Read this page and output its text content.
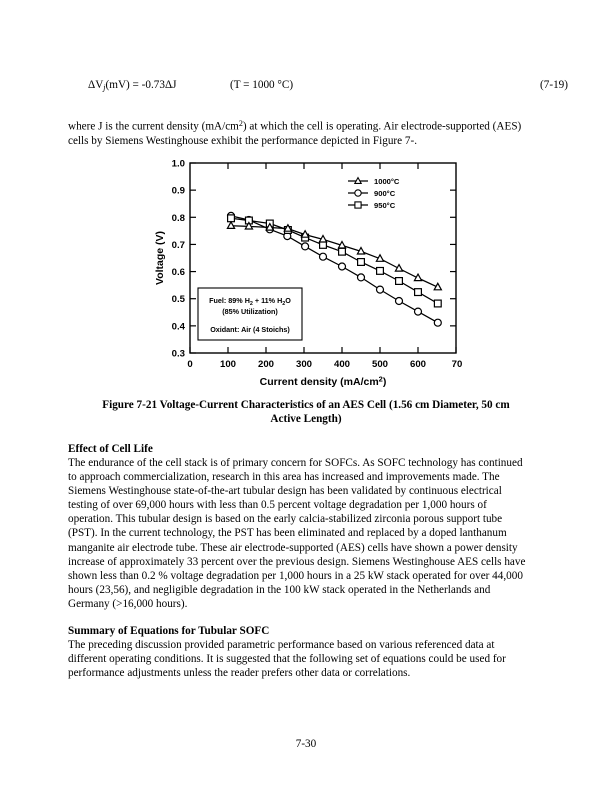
$\Delta V_j(mV) = -0.73\Delta J$	(T = 1000 °C)	(7-19)
where J is the current density $(mA/cm^2)$ at which the cell is operating. Air electrode-supported (AES) cells by Siemens Westinghouse exhibit the performance depicted in Figure 7-.
0.3
0.4
0.5
0.6
0.7
0.8
0.9
1.0
0	100 200 300 400 500 600	70
Current density $(mA/cm^2)$
Voltage (V)
1000°C
900°C
950°C
Fuel: 89% $H_2 + 11\%$ $H_2O$
(85% Utilization)
Oxidant: Air (4 Stoichs)
Figure 7-21 Voltage-Current Characteristics of an AES Cell (1.56 cm Diameter, 50 cm
Active Length)
Effect of Cell Life
The endurance of the cell stack is of primary concern for SOFCs. As SOFC technology has continued to approach commercialization, research in this area has increased and improvements made. The Siemens Westinghouse state-of-the-art tubular design has been validated by continuous electrical testing of over 69,000 hours with less than 0.5 percent voltage degradation per 1,000 hours of operation. This tubular design is based on the early calcia-stabilized zirconia porous support tube (PST). In the current technology, the PST has been eliminated and replaced by a doped lanthanum manganite air electrode tube. These air electrode-supported (AES) cells have shown a power density increase of approximately 33 percent over the previous design. Siemens Westinghouse AES cells have shown less than 0.2 % voltage degradation per 1,000 hours in a 25 kW stack operated for over 44,000 hours (23,56), and negligible degradation in the 100 kW stack operated in the Netherlands and Germany (>16,000 hours).
Summary of Equations for Tubular SOFC
The preceding discussion provided parametric performance based on various referenced data at different operating conditions. It is suggested that the following set of equations could be used for performance adjustments unless the reader prefers other data or correlations.
7-30
